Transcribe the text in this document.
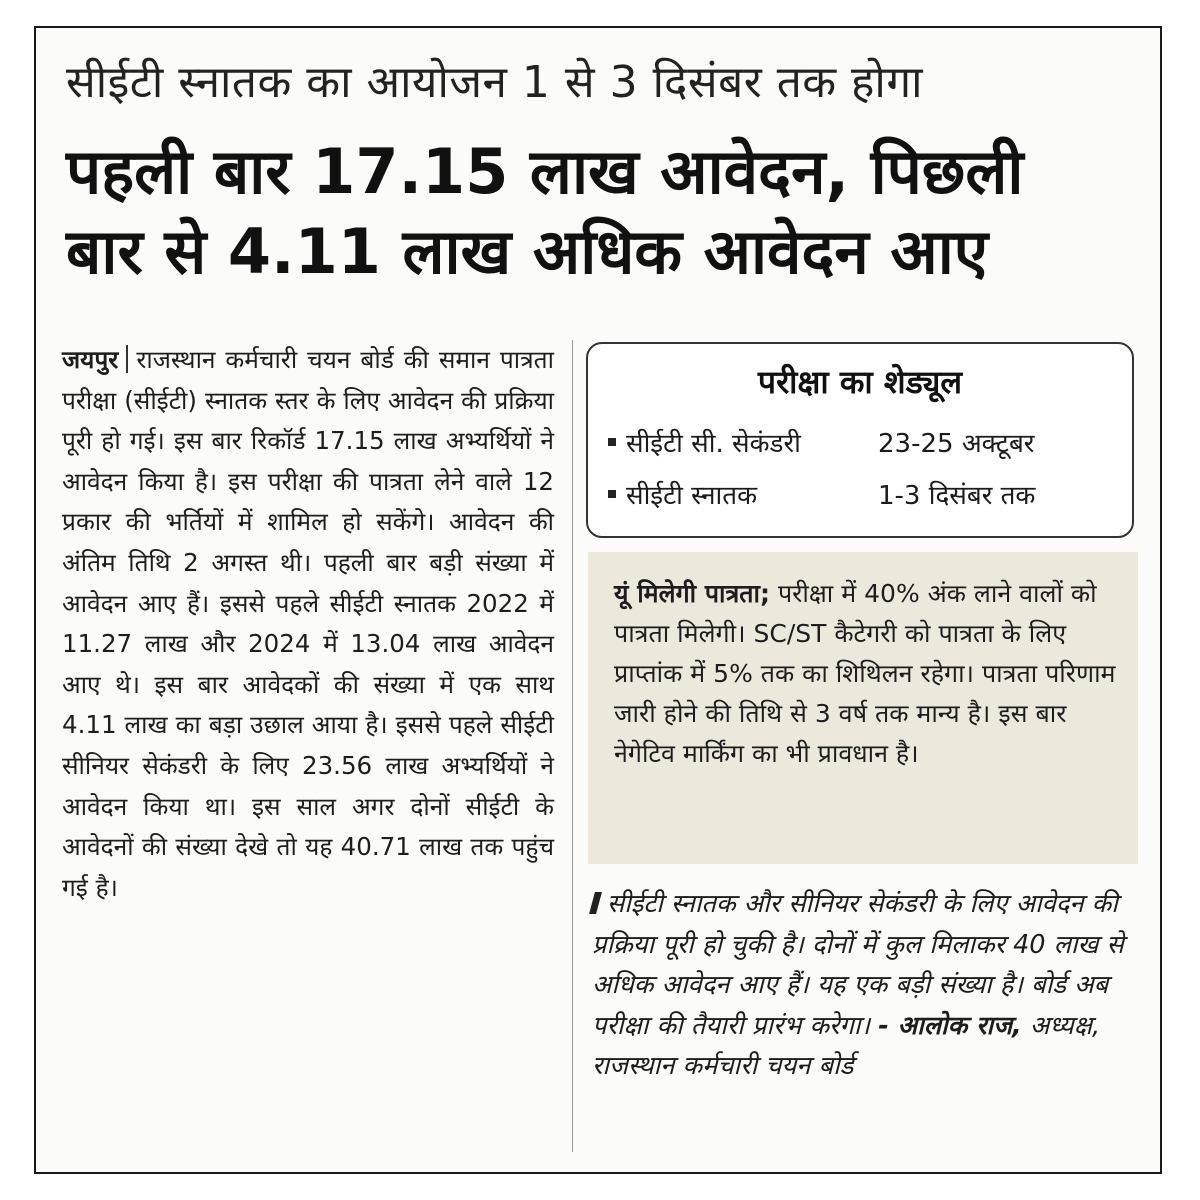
सीईटी स्नातक का आयोजन 1 से 3 दिसंबर तक होगा
पहली बार 17.15 लाख आवेदन, पिछली
बार से 4.11 लाख अधिक आवेदन आए
जयपुर राजस्थान कर्मचारी चयन बोर्ड की समान पात्रता परीक्षा (सीईटी) स्नातक स्तर के लिए आवेदन की प्रक्रिया पूरी हो गई। इस बार रिकॉर्ड 17.15 लाख अभ्यर्थियों ने आवेदन किया है। इस परीक्षा की पात्रता लेने वाले 12 प्रकार की भर्तियों में शामिल हो सकेंगे। आवेदन की अंतिम तिथि 2 अगस्त थी। पहली बार बड़ी संख्या में आवेदन आए हैं। इससे पहले सीईटी स्नातक 2022 में 11.27 लाख और 2024 में 13.04 लाख आवेदन आए थे। इस बार आवेदकों की संख्या में एक साथ 4.11 लाख का बड़ा उछाल आया है। इससे पहले सीईटी सीनियर सेकंडरी के लिए 23.56 लाख अभ्यर्थियों ने आवेदन किया था। इस साल अगर दोनों सीईटी के आवेदनों की संख्या देखे तो यह 40.71 लाख तक पहुंच गई है।
परीक्षा का शेड्यूल
सीईटी सी. सेकंडरी	23-25 अक्टूबर
सीईटी स्नातक	1-3 दिसंबर तक
यूं मिलेगी पात्रता; परीक्षा में 40% अंक लाने वालों को पात्रता मिलेगी। SC/ST कैटेगरी को पात्रता के लिए प्राप्तांक में 5% तक का शिथिलन रहेगा। पात्रता परिणाम जारी होने की तिथि से 3 वर्ष तक मान्य है। इस बार नेगेटिव मार्किंग का भी प्रावधान है।
सीईटी स्नातक और सीनियर सेकंडरी के लिए आवेदन की प्रक्रिया पूरी हो चुकी है। दोनों में कुल मिलाकर 40 लाख से अधिक आवेदन आए हैं। यह एक बड़ी संख्या है। बोर्ड अब परीक्षा की तैयारी प्रारंभ करेगा। - आलोक राज, अध्यक्ष, राजस्थान कर्मचारी चयन बोर्ड
